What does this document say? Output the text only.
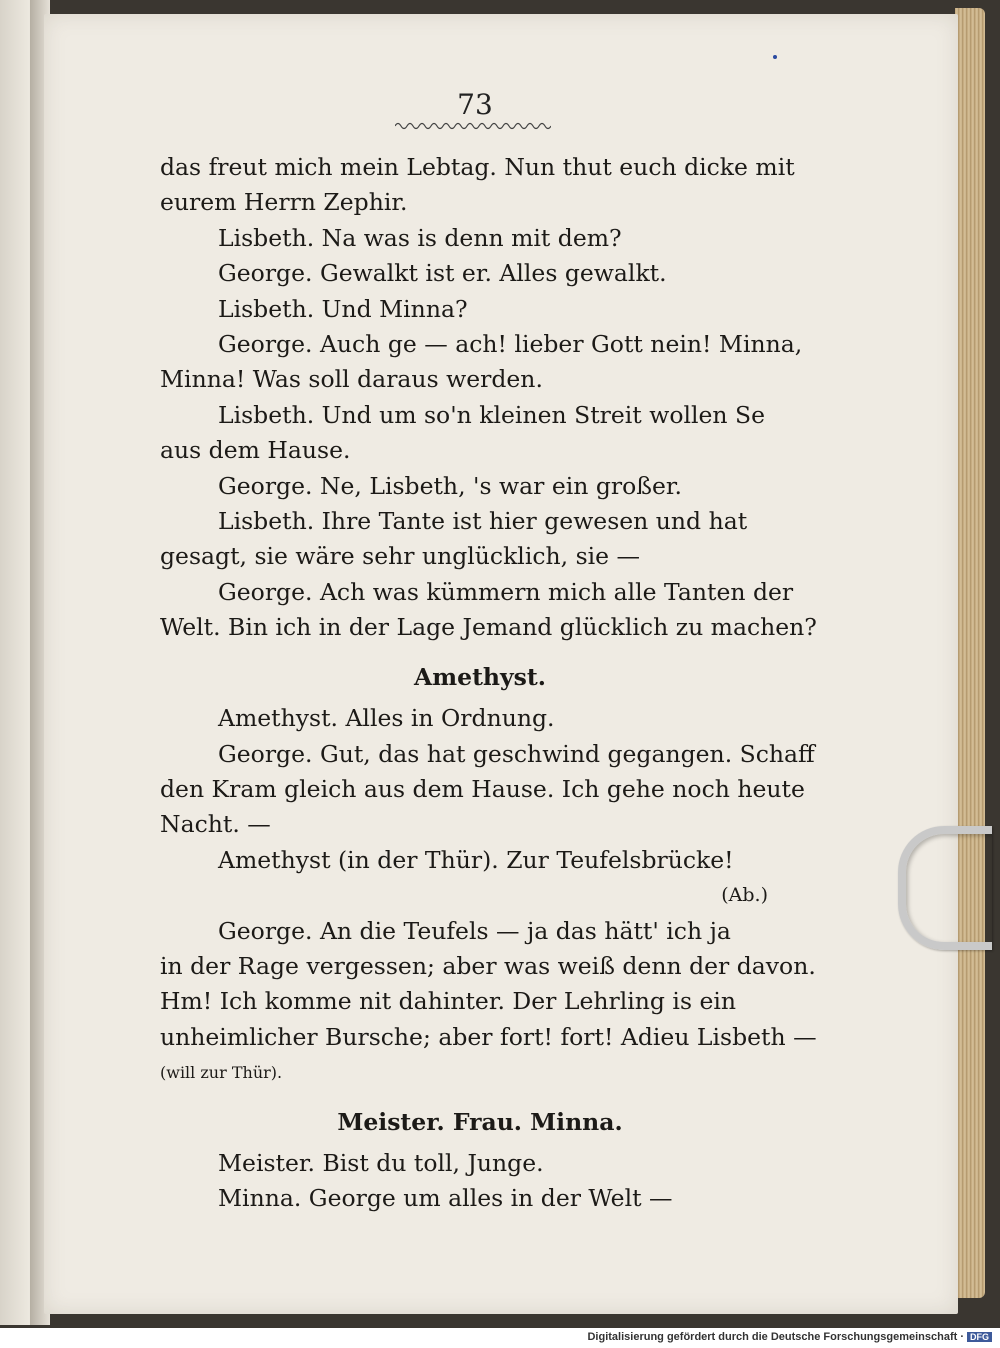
73
das freut mich mein Lebtag. Nun thut euch dicke mit
eurem Herrn Zephir.
Lisbeth. Na was is denn mit dem?
George. Gewalkt ist er. Alles gewalkt.
Lisbeth. Und Minna?
George. Auch ge — ach! lieber Gott nein! Minna,
Minna! Was soll daraus werden.
Lisbeth. Und um so'n kleinen Streit wollen Se
aus dem Hause.
George. Ne, Lisbeth, 's war ein großer.
Lisbeth. Ihre Tante ist hier gewesen und hat
gesagt, sie wäre sehr unglücklich, sie —
George. Ach was kümmern mich alle Tanten der
Welt. Bin ich in der Lage Jemand glücklich zu machen?
Amethyst.
Amethyst. Alles in Ordnung.
George. Gut, das hat geschwind gegangen. Schaff
den Kram gleich aus dem Hause. Ich gehe noch heute
Nacht. —
Amethyst (in der Thür). Zur Teufelsbrücke!
(Ab.)
George. An die Teufels — ja das hätt' ich ja
in der Rage vergessen; aber was weiß denn der davon.
Hm! Ich komme nit dahinter. Der Lehrling is ein
unheimlicher Bursche; aber fort! fort! Adieu Lisbeth —
(will zur Thür).
Meister. Frau. Minna.
Meister. Bist du toll, Junge.
Minna. George um alles in der Welt —
Digitalisierung gefördert durch die Deutsche Forschungsgemeinschaft · DFG
